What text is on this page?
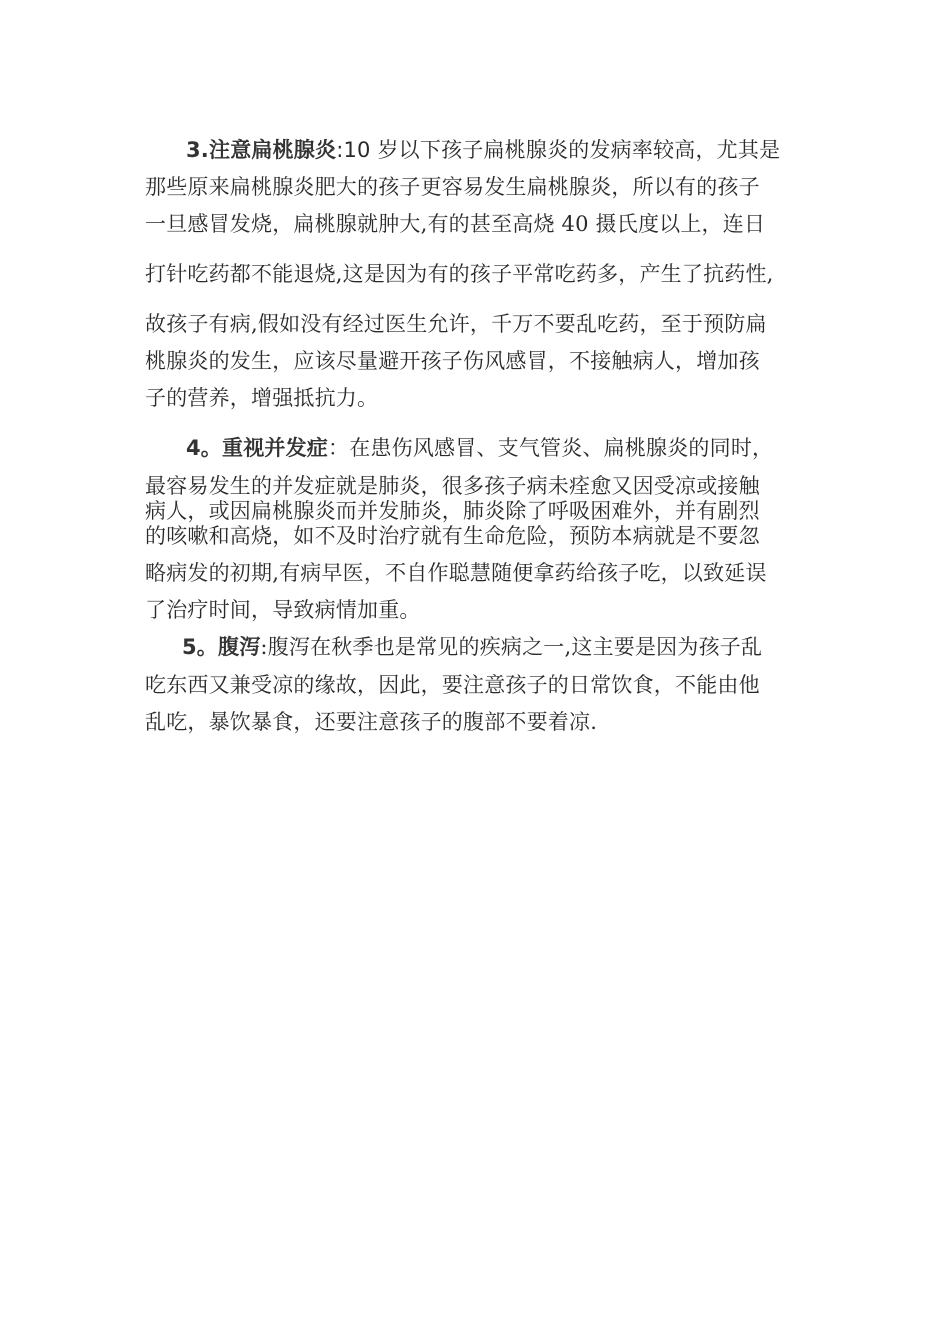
3.注意扁桃腺炎:10 岁以下孩子扁桃腺炎的发病率较高，尤其是
那些原来扁桃腺炎肥大的孩子更容易发生扁桃腺炎，所以有的孩子
一旦感冒发烧，扁桃腺就肿大,有的甚至高烧 40 摄氏度以上，连日
打针吃药都不能退烧,这是因为有的孩子平常吃药多，产生了抗药性,
故孩子有病,假如没有经过医生允许，千万不要乱吃药，至于预防扁
桃腺炎的发生，应该尽量避开孩子伤风感冒，不接触病人，增加孩
子的营养，增强抵抗力。
4。重视并发症：在患伤风感冒、支气管炎、扁桃腺炎的同时，
最容易发生的并发症就是肺炎，很多孩子病未痊愈又因受凉或接触
病人，或因扁桃腺炎而并发肺炎，肺炎除了呼吸困难外，并有剧烈
的咳嗽和高烧，如不及时治疗就有生命危险，预防本病就是不要忽
略病发的初期,有病早医，不自作聪慧随便拿药给孩子吃，以致延误
了治疗时间，导致病情加重。
5。腹泻:腹泻在秋季也是常见的疾病之一,这主要是因为孩子乱
吃东西又兼受凉的缘故，因此，要注意孩子的日常饮食，不能由他
乱吃，暴饮暴食，还要注意孩子的腹部不要着凉.
